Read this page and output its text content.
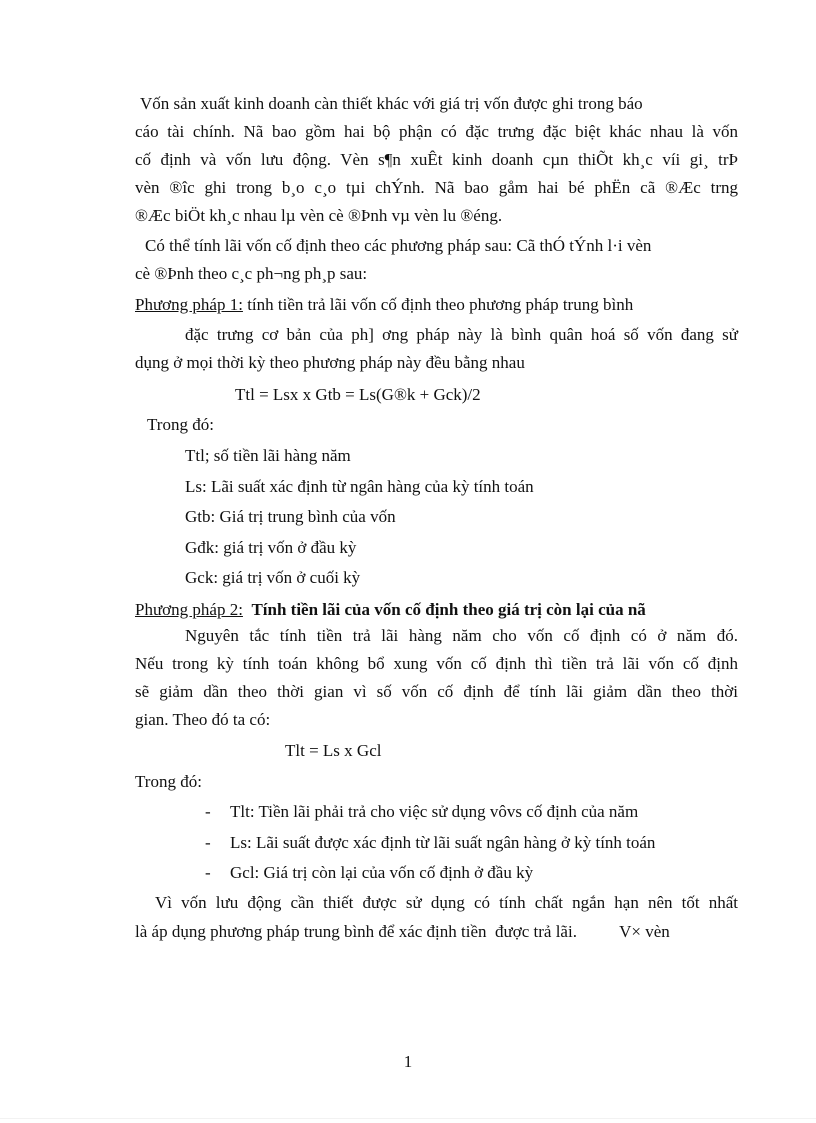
Vốn sản xuất kinh doanh càn thiết khác với giá trị vốn được ghi trong báo
cáo tài chính. Nã bao gồm hai bộ phận có đặc trưng đặc biệt khác nhau là vốn
cố định và vốn lưu động. Vèn s¶n xuÊt kinh doanh cµn thiÕt kh¸c víi gi¸ trÞ
vèn ®îc ghi trong b¸o c¸o tµi chÝnh. Nã bao gåm hai bé phËn cã ®Æc trng
®Æc biÖt kh¸c nhau lµ vèn cè ®Þnh vµ vèn lu ®éng.
Có thể tính lãi vốn cố định theo các phương pháp sau: Cã thÓ tÝnh l·i vèn
cè ®Þnh theo c¸c ph¬ng ph¸p sau:
Phương pháp 1: tính tiền trả lãi vốn cố định theo phương pháp trung bình
đặc trưng cơ bản của ph] ơng pháp này là bình quân hoá số vốn đang sử
dụng ở mọi thời kỳ theo phương pháp này đều bằng nhau
Ttl = Lsx x Gtb = Ls(G®k + Gck)/2
Trong đó:
Ttl; số tiền lãi hàng năm
Ls: Lãi suất xác định từ ngân hàng của kỳ tính toán
Gtb: Giá trị trung bình của vốn
Gđk: giá trị vốn ở đầu kỳ
Gck: giá trị vốn ở cuối kỳ
Phương pháp 2: Tính tiền lãi của vốn cố định theo giá trị còn lại của nã
Nguyên tắc tính tiền trả lãi hàng năm cho vốn cố định có ở năm đó.
Nếu trong kỳ tính toán không bổ xung vốn cố định thì tiền trả lãi vốn cố định
sẽ giảm dần theo thời gian vì số vốn cố định để tính lãi giảm dần theo thời
gian. Theo đó ta có:
Tlt = Ls x Gcl
Trong đó:
- Tlt: Tiền lãi phải trả cho việc sử dụng vôvs cố định của năm
- Ls: Lãi suất được xác định từ lãi suất ngân hàng ở kỳ tính toán
- Gcl: Giá trị còn lại của vốn cố định ở đầu kỳ
Vì vốn lưu động cần thiết được sử dụng có tính chất ngắn hạn nên tốt nhất
là áp dụng phương pháp trung bình để xác định tiền  được trả lãi.          V× vèn
1
